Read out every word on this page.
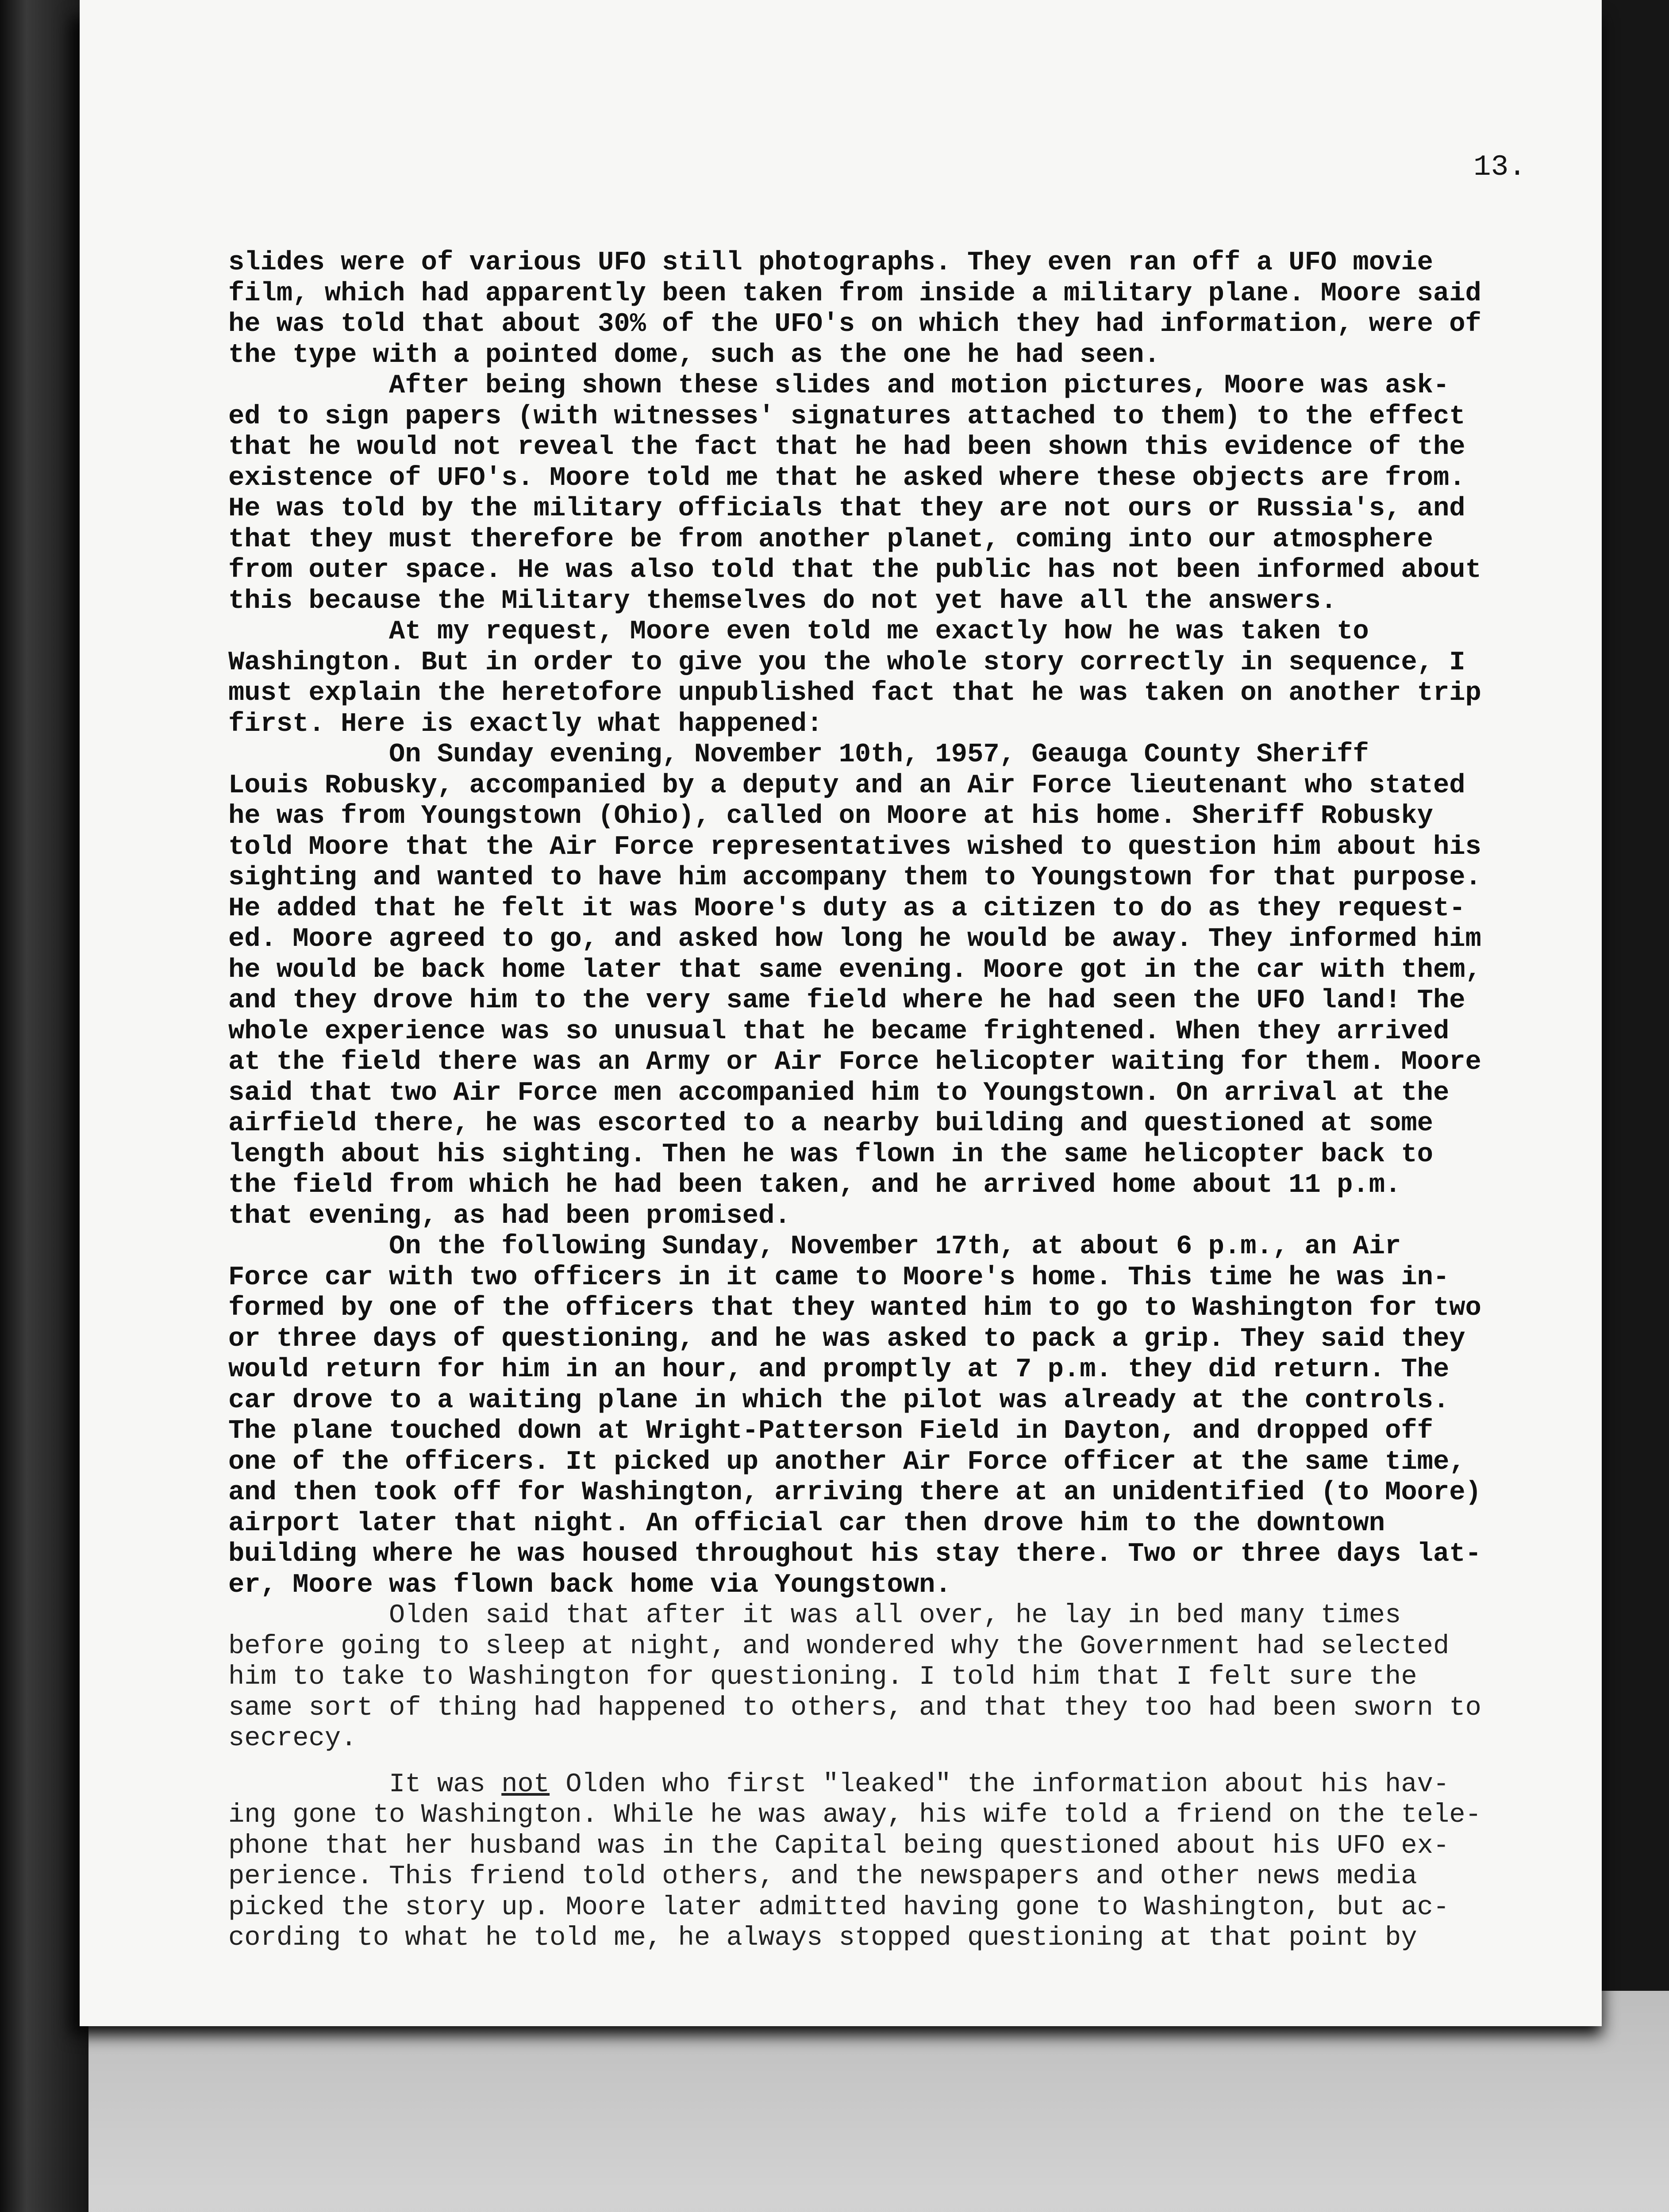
13.
slides were of various UFO still photographs. They even ran off a UFO movie
film, which had apparently been taken from inside a military plane. Moore said
he was told that about 30% of the UFO's on which they had information, were of
the type with a pointed dome, such as the one he had seen.
After being shown these slides and motion pictures, Moore was ask-
ed to sign papers (with witnesses' signatures attached to them) to the effect
that he would not reveal the fact that he had been shown this evidence of the
existence of UFO's. Moore told me that he asked where these objects are from.
He was told by the military officials that they are not ours or Russia's, and
that they must therefore be from another planet, coming into our atmosphere
from outer space. He was also told that the public has not been informed about
this because the Military themselves do not yet have all the answers.
At my request, Moore even told me exactly how he was taken to
Washington. But in order to give you the whole story correctly in sequence, I
must explain the heretofore unpublished fact that he was taken on another trip
first. Here is exactly what happened:
On Sunday evening, November 10th, 1957, Geauga County Sheriff
Louis Robusky, accompanied by a deputy and an Air Force lieutenant who stated
he was from Youngstown (Ohio), called on Moore at his home. Sheriff Robusky
told Moore that the Air Force representatives wished to question him about his
sighting and wanted to have him accompany them to Youngstown for that purpose.
He added that he felt it was Moore's duty as a citizen to do as they request-
ed. Moore agreed to go, and asked how long he would be away. They informed him
he would be back home later that same evening. Moore got in the car with them,
and they drove him to the very same field where he had seen the UFO land! The
whole experience was so unusual that he became frightened. When they arrived
at the field there was an Army or Air Force helicopter waiting for them. Moore
said that two Air Force men accompanied him to Youngstown. On arrival at the
airfield there, he was escorted to a nearby building and questioned at some
length about his sighting. Then he was flown in the same helicopter back to
the field from which he had been taken, and he arrived home about 11 p.m.
that evening, as had been promised.
On the following Sunday, November 17th, at about 6 p.m., an Air
Force car with two officers in it came to Moore's home. This time he was in-
formed by one of the officers that they wanted him to go to Washington for two
or three days of questioning, and he was asked to pack a grip. They said they
would return for him in an hour, and promptly at 7 p.m. they did return. The
car drove to a waiting plane in which the pilot was already at the controls.
The plane touched down at Wright-Patterson Field in Dayton, and dropped off
one of the officers. It picked up another Air Force officer at the same time,
and then took off for Washington, arriving there at an unidentified (to Moore)
airport later that night. An official car then drove him to the downtown
building where he was housed throughout his stay there. Two or three days lat-
er, Moore was flown back home via Youngstown.
Olden said that after it was all over, he lay in bed many times
before going to sleep at night, and wondered why the Government had selected
him to take to Washington for questioning. I told him that I felt sure the
same sort of thing had happened to others, and that they too had been sworn to
secrecy.
It was not Olden who first "leaked" the information about his hav-
ing gone to Washington. While he was away, his wife told a friend on the tele-
phone that her husband was in the Capital being questioned about his UFO ex-
perience. This friend told others, and the newspapers and other news media
picked the story up. Moore later admitted having gone to Washington, but ac-
cording to what he told me, he always stopped questioning at that point by
